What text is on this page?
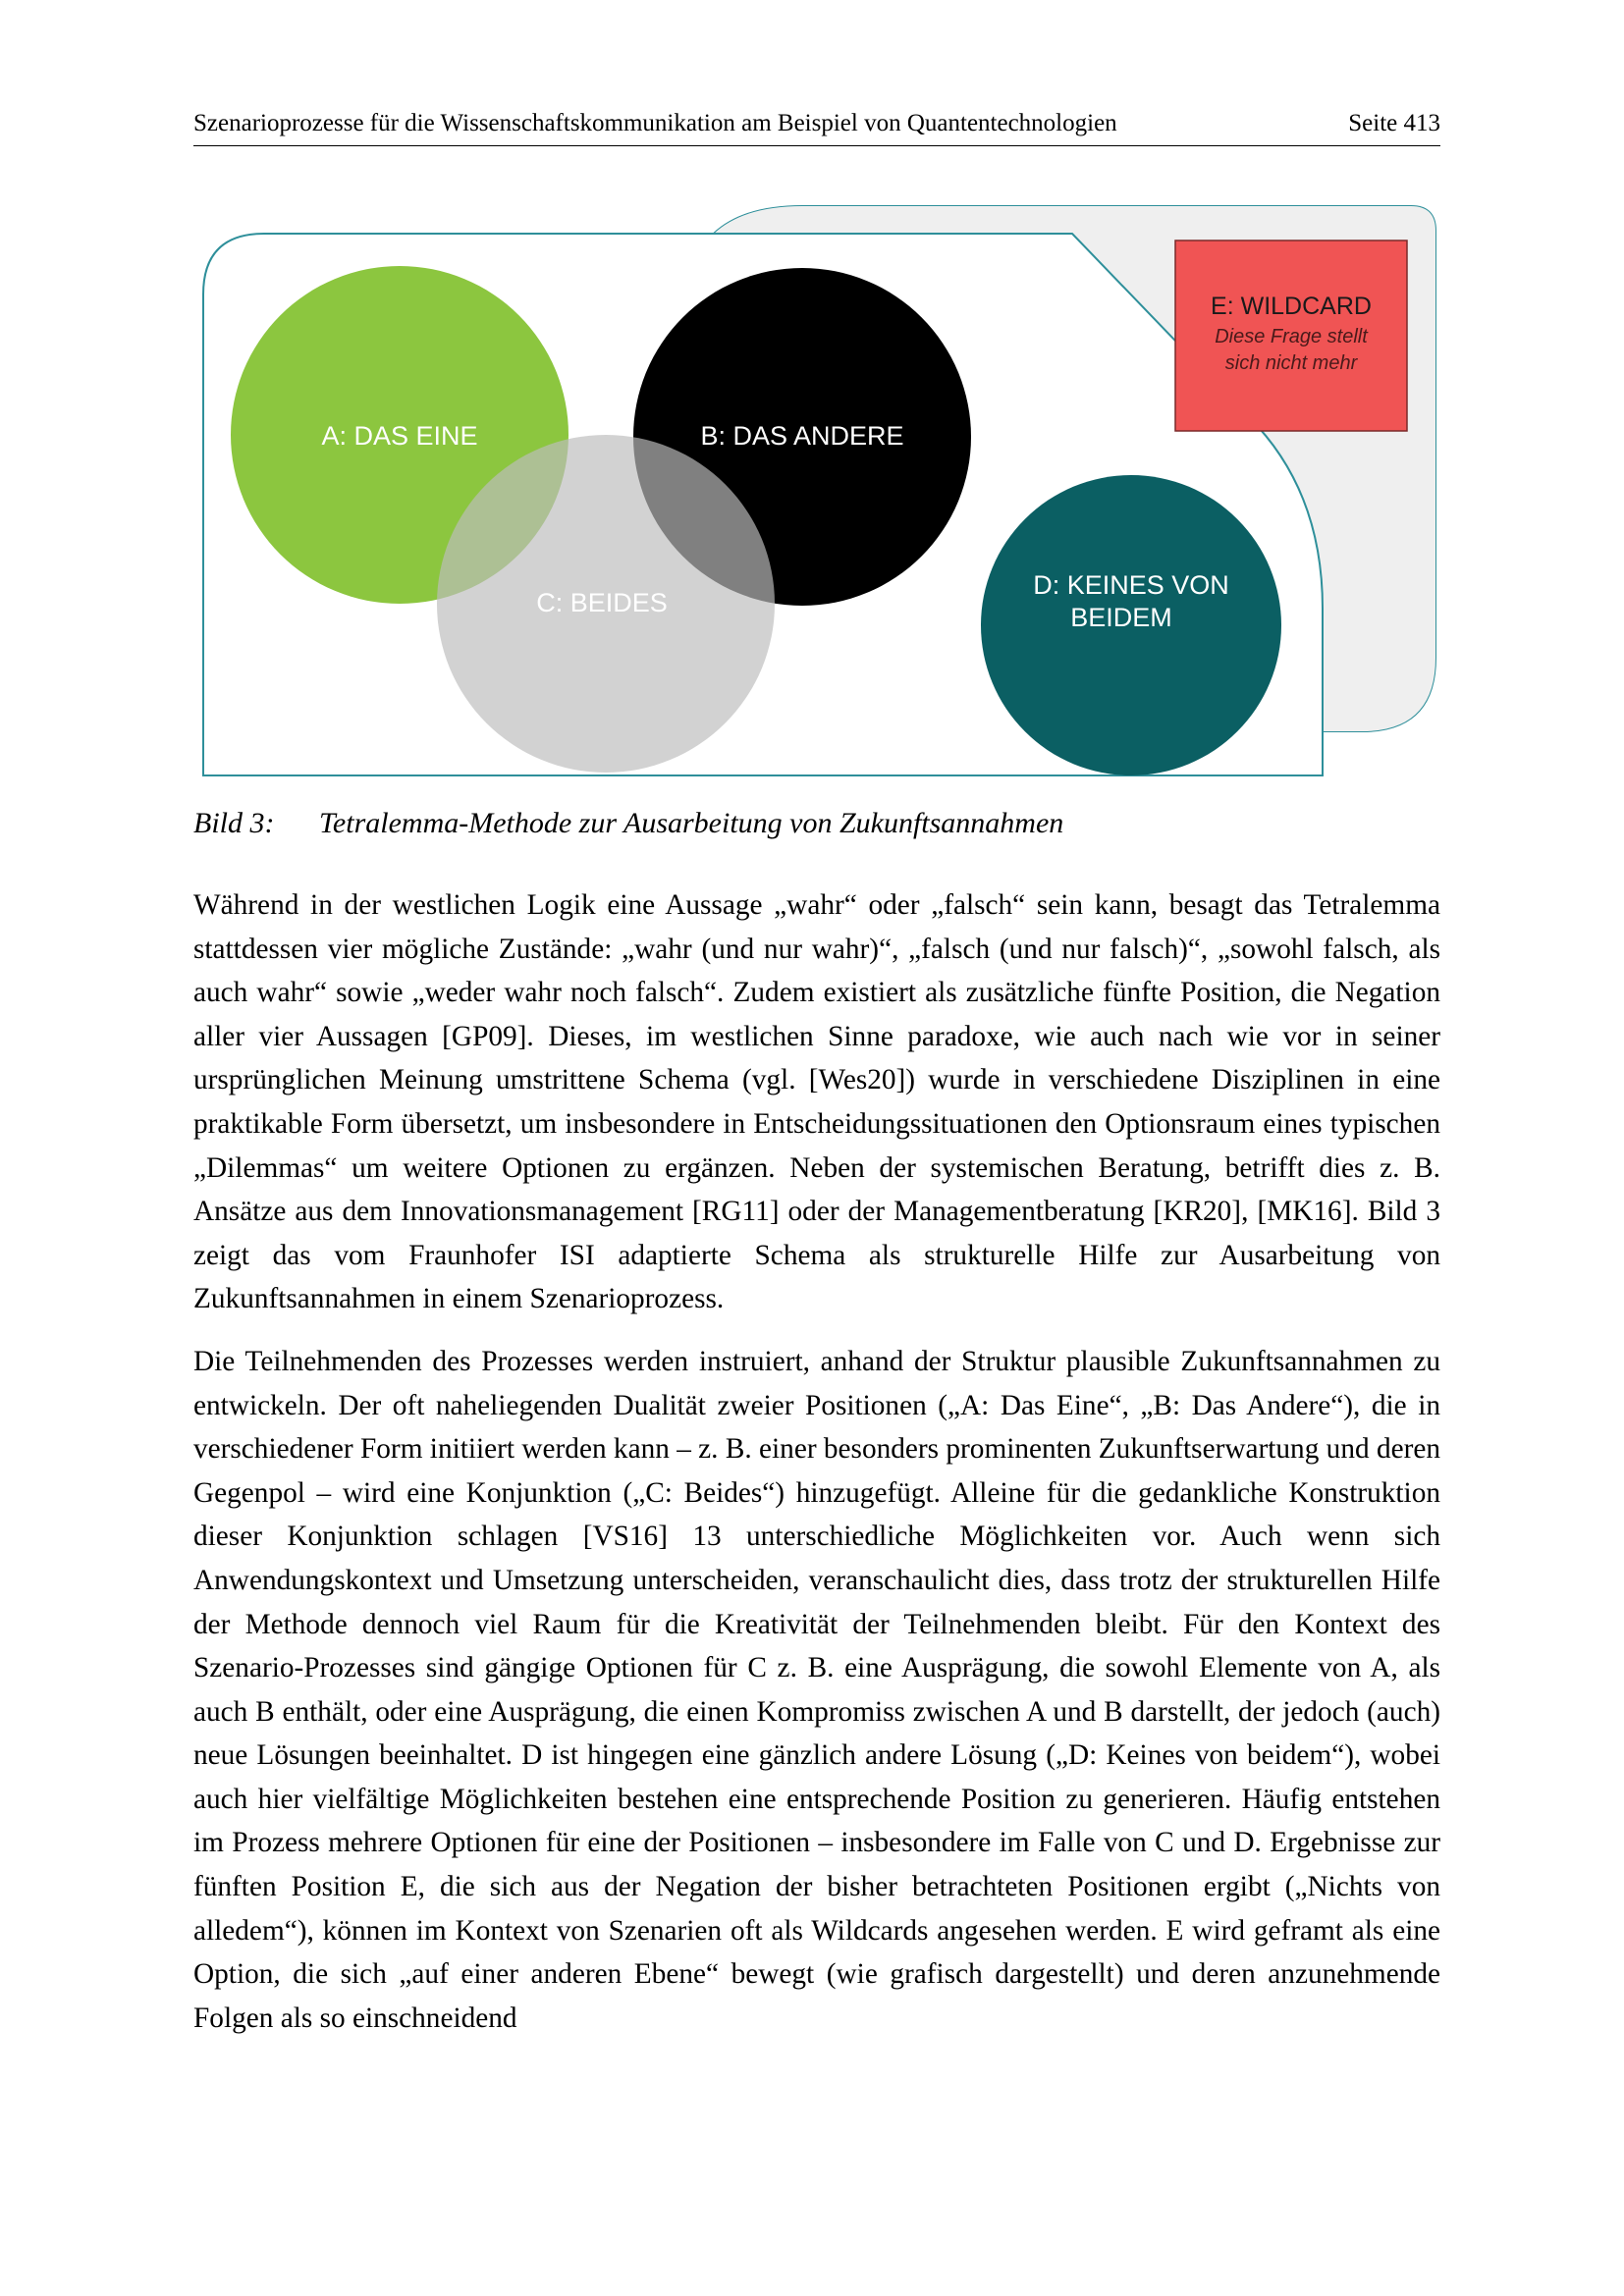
Szenarioprozesse für die Wissenschaftskommunikation am Beispiel von Quantentechnologien	Seite 413
E: WILDCARD
Diese Frage stellt
sich nicht mehr
A: DAS EINE	B: DAS ANDERE
C: BEIDES
D: KEINES VON
BEIDEM
Bild 3: Tetralemma-Methode zur Ausarbeitung von Zukunftsannahmen

Während in der westlichen Logik eine Aussage „wahr“ oder „falsch“ sein kann, besagt das Tetralemma stattdessen vier mögliche Zustände: „wahr (und nur wahr)“, „falsch (und nur falsch)“, „sowohl falsch, als auch wahr“ sowie „weder wahr noch falsch“. Zudem existiert als zusätzliche fünfte Position, die Negation aller vier Aussagen [GP09]. Dieses, im westlichen Sinne paradoxe, wie auch nach wie vor in seiner ursprünglichen Meinung umstrittene Schema (vgl. [Wes20]) wurde in verschiedene Disziplinen in eine praktikable Form übersetzt, um insbesondere in Entscheidungssituationen den Optionsraum eines typischen „Dilemmas“ um weitere Optionen zu ergänzen. Neben der systemischen Beratung, betrifft dies z. B. Ansätze aus dem Innovationsmanagement [RG11] oder der Managementberatung [KR20], [MK16]. Bild 3 zeigt das vom Fraunhofer ISI adaptierte Schema als strukturelle Hilfe zur Ausarbeitung von Zukunftsannahmen in einem Szenarioprozess.

Die Teilnehmenden des Prozesses werden instruiert, anhand der Struktur plausible Zukunftsannahmen zu entwickeln. Der oft naheliegenden Dualität zweier Positionen („A: Das Eine“, „B: Das Andere“), die in verschiedener Form initiiert werden kann – z. B. einer besonders prominenten Zukunftserwartung und deren Gegenpol – wird eine Konjunktion („C: Beides“) hinzugefügt. Alleine für die gedankliche Konstruktion dieser Konjunktion schlagen [VS16] 13 unterschiedliche Möglichkeiten vor. Auch wenn sich Anwendungskontext und Umsetzung unterscheiden, veranschaulicht dies, dass trotz der strukturellen Hilfe der Methode dennoch viel Raum für die Kreativität der Teilnehmenden bleibt. Für den Kontext des Szenario-Prozesses sind gängige Optionen für C z. B. eine Ausprägung, die sowohl Elemente von A, als auch B enthält, oder eine Ausprägung, die einen Kompromiss zwischen A und B darstellt, der jedoch (auch) neue Lösungen beeinhaltet. D ist hingegen eine gänzlich andere Lösung („D: Keines von beidem“), wobei auch hier vielfältige Möglichkeiten bestehen eine entsprechende Position zu generieren. Häufig entstehen im Prozess mehrere Optionen für eine der Positionen – insbesondere im Falle von C und D. Ergebnisse zur fünften Position E, die sich aus der Negation der bisher betrachteten Positionen ergibt („Nichts von alledem“), können im Kontext von Szenarien oft als Wildcards angesehen werden. E wird geframt als eine Option, die sich „auf einer anderen Ebene“ bewegt (wie grafisch dargestellt) und deren anzunehmende Folgen als so einschneidend
